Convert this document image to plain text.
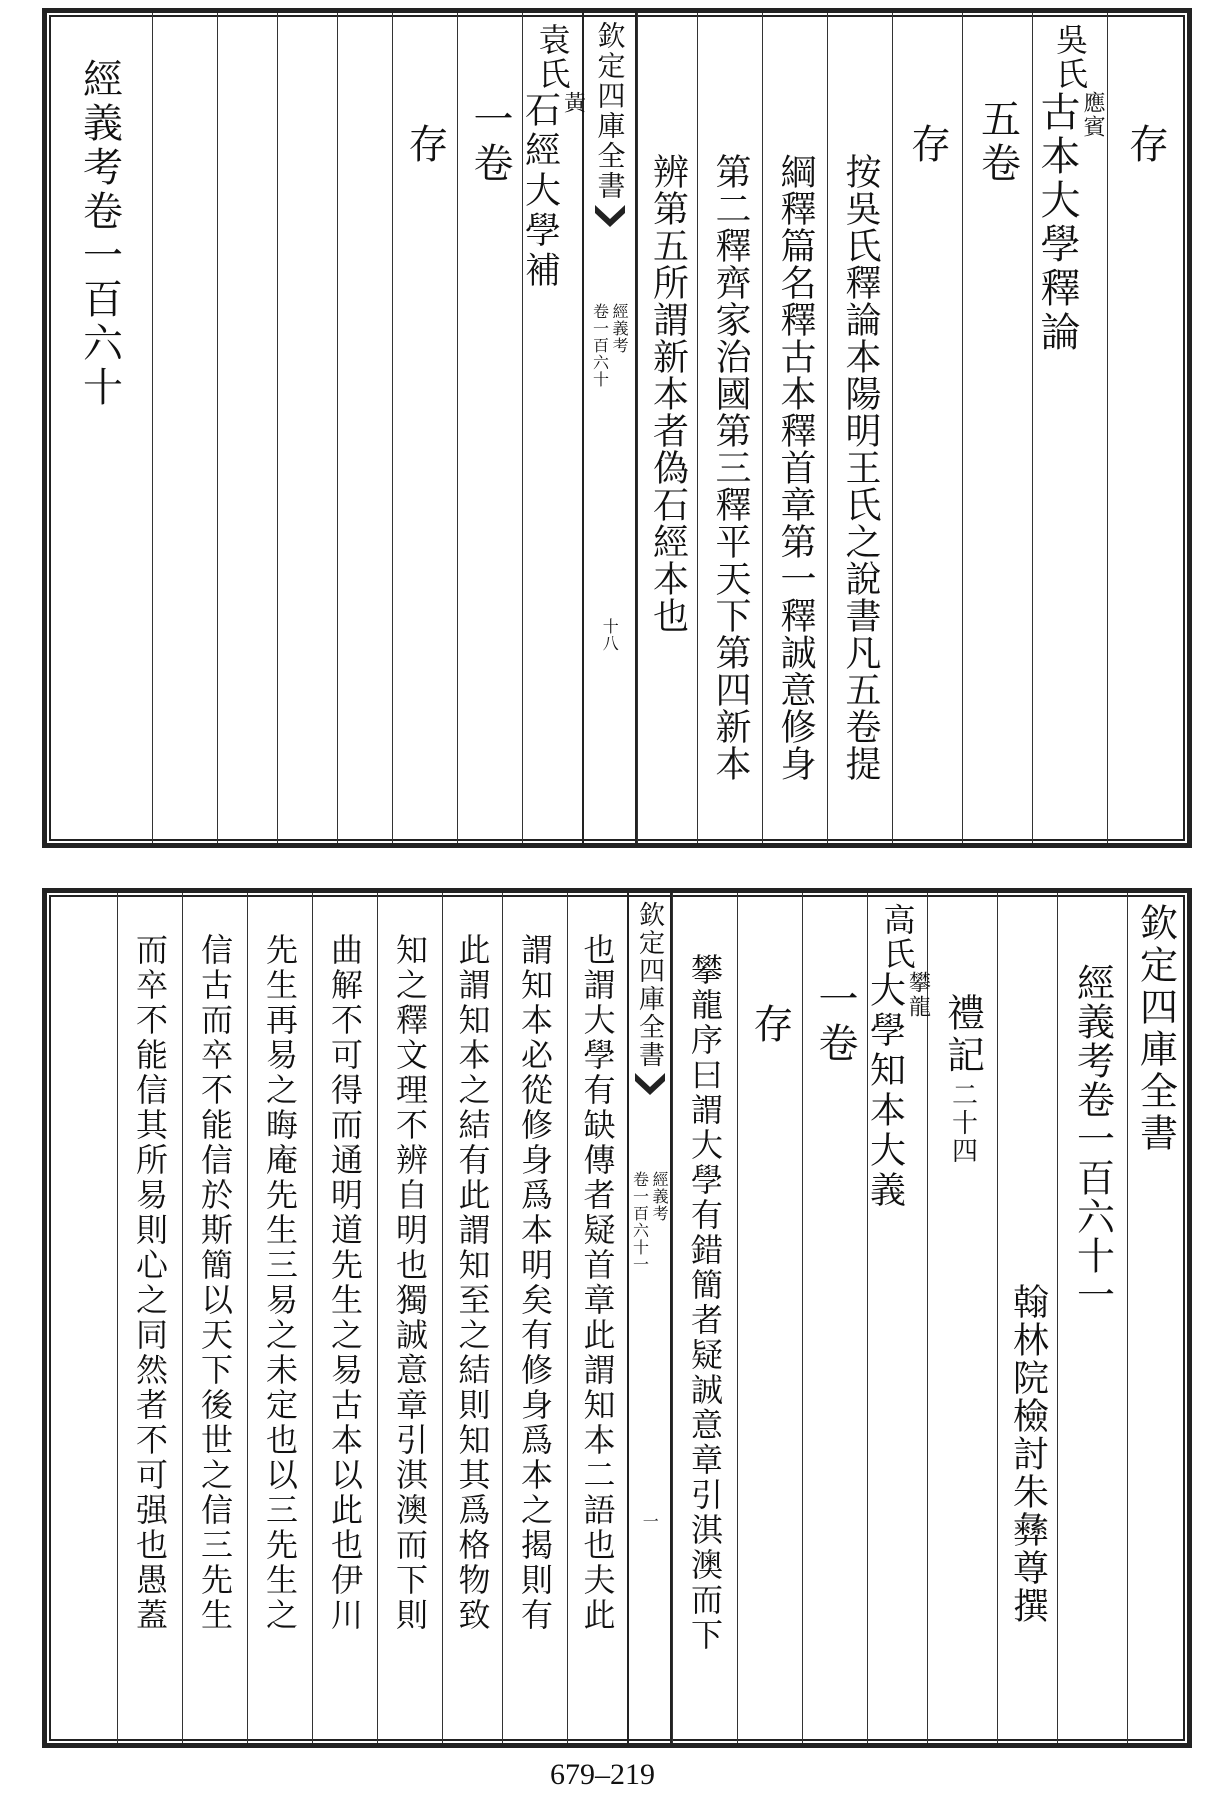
存
吳氏
應賓
古本大學釋論
五卷
存
按吳氏釋論本陽明王氏之說書凡五卷提
綱釋篇名釋古本釋首章第一釋誠意修身
第二釋齊家治國第三釋平天下第四新本
辨第五所謂新本者偽石經本也
欽定四庫全書
經義考
卷一百六十
十八
袁氏
黃
石經大學補
一卷
存
經義考卷一百六十
欽定四庫全書
經義考卷一百六十一
翰林院檢討朱彝尊撰
禮記
二十四
高氏
攀龍
大學知本大義
一卷
存
攀龍序曰謂大學有錯簡者疑誠意章引淇澳而下
欽定四庫全書
經義考
卷一百六十一
一
也謂大學有缺傳者疑首章此謂知本二語也夫此
謂知本必從修身爲本明矣有修身爲本之揭則有
此謂知本之結有此謂知至之結則知其爲格物致
知之釋文理不辨自明也獨誠意章引淇澳而下則
曲解不可得而通明道先生之易古本以此也伊川
先生再易之晦庵先生三易之未定也以三先生之
信古而卒不能信於斯簡以天下後世之信三先生
而卒不能信其所易則心之同然者不可强也愚蓋
679–219
